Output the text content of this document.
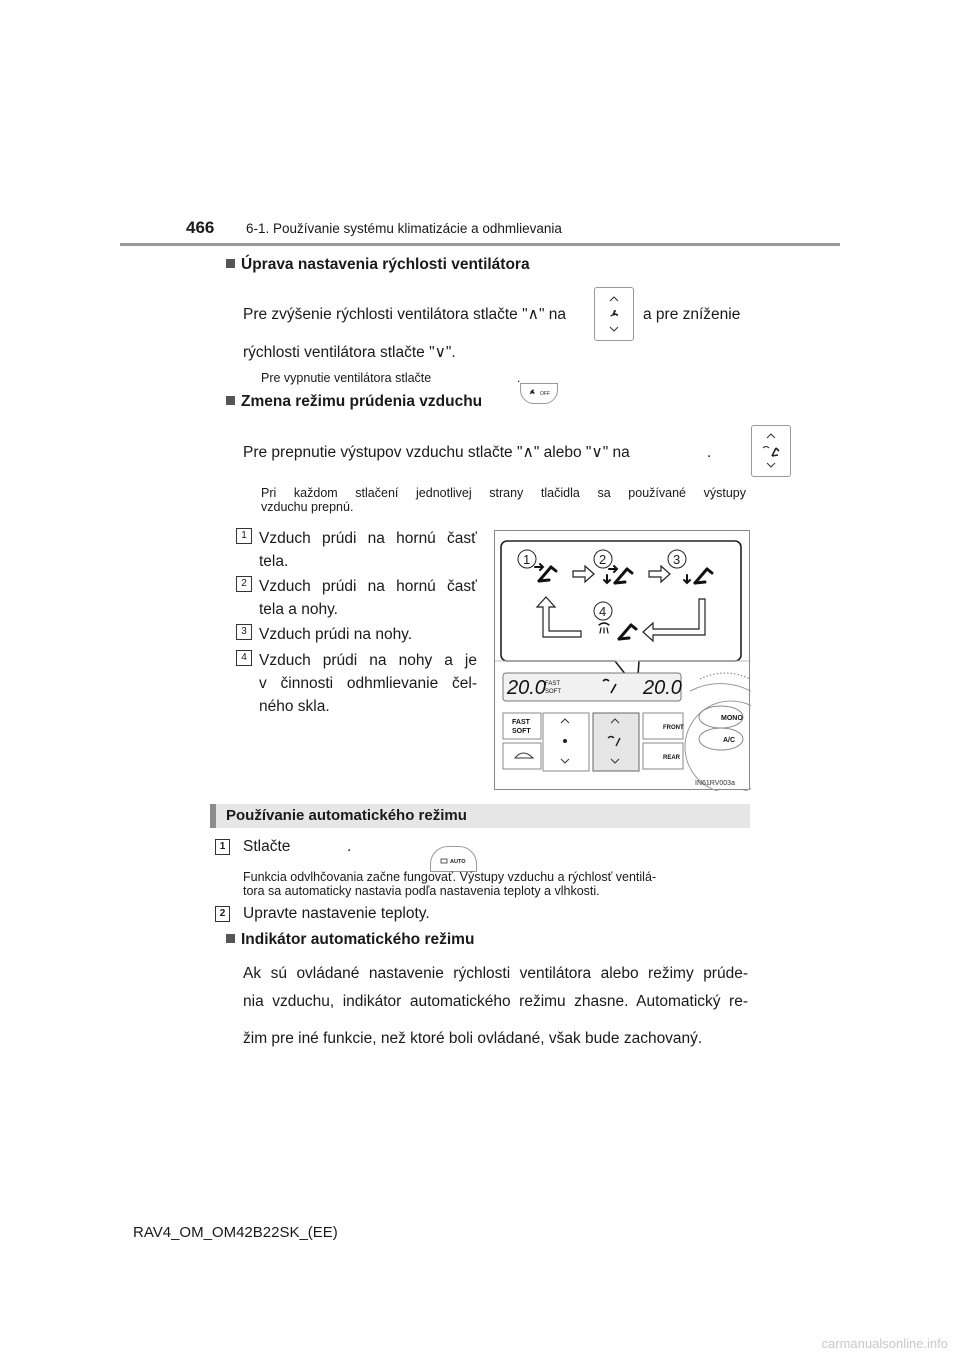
466 6-1. Používanie systému klimatizácie a odhmlievania
Úprava nastavenia rýchlosti ventilátora
Pre zvýšenie rýchlosti ventilátora stlačte "∧" na
	a pre zníženie
rýchlosti ventilátora stlačte "∨".
Pre vypnutie ventilátora stlačte
OFF

.
Zmena režimu prúdenia vzduchu
Pre prepnutie výstupov vzduchu stlačte "∧" alebo "∨" na
	.
Pri každom stlačení jednotlivej strany tlačidla sa používané výstupy
vzduchu prepnú.
1 Vzduch prúdi na hornú časť
tela.
2 Vzduch prúdi na hornú časť
tela a nohy.
3 Vzduch prúdi na nohy.
4 Vzduch prúdi na nohy a je
v činnosti odhmlievanie čel-
ného skla.
1	2	3
4
20.0 FAST
SOFT	20.0
FAST
SOFT	FRONT
REAR
MONO
A/C
IN61RV003a
Používanie automatického režimu
1	Stlačte
AUTO
.
Funkcia odvlhčovania začne fungovať. Výstupy vzduchu a rýchlosť ventilá-
tora sa automaticky nastavia podľa nastavenia teploty a vlhkosti.
2	Upravte nastavenie teploty.
Indikátor automatického režimu
Ak sú ovládané nastavenie rýchlosti ventilátora alebo režimy prúde-
nia vzduchu, indikátor automatického režimu zhasne. Automatický re-
žim pre iné funkcie, než ktoré boli ovládané, však bude zachovaný.
RAV4_OM_OM42B22SK_(EE)
carmanualsonline.info
